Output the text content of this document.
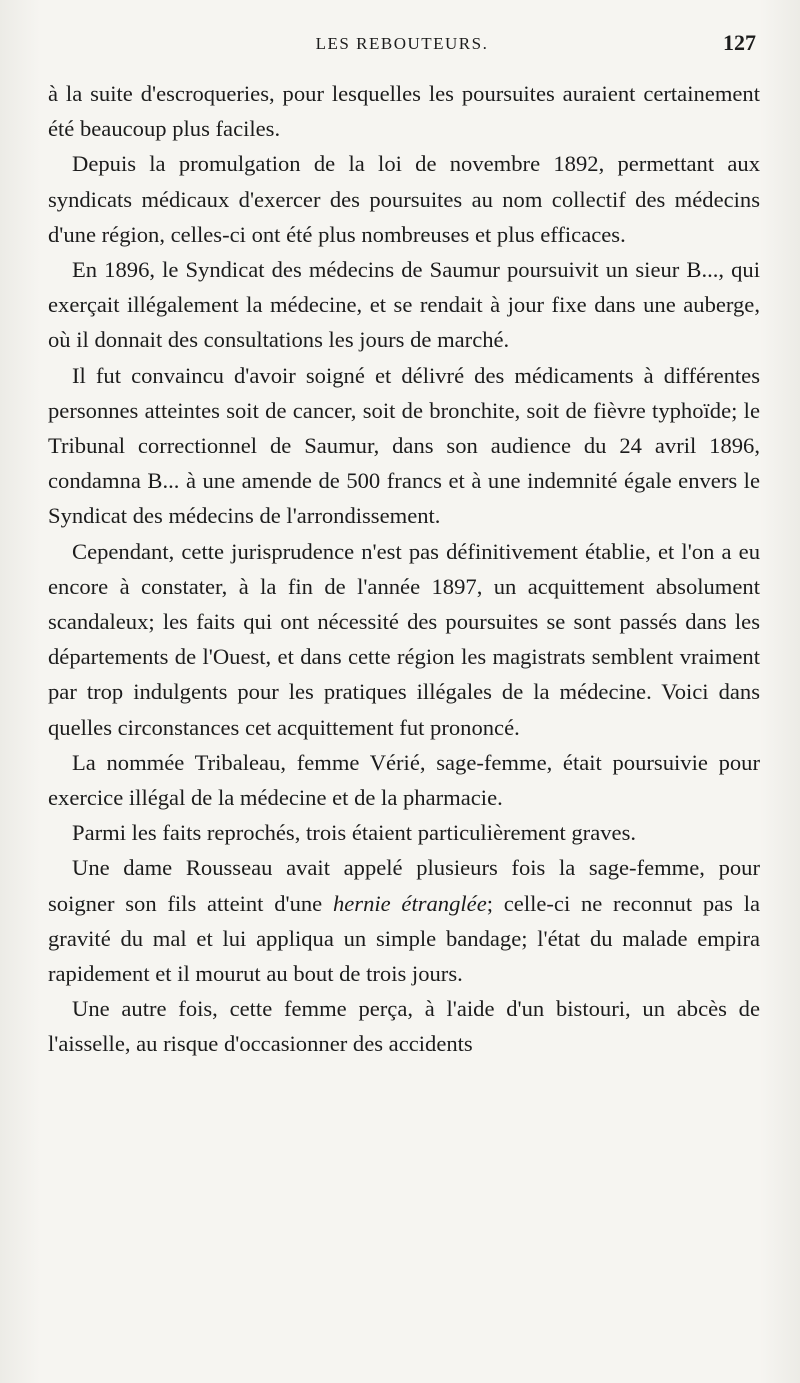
LES REBOUTEURS.	127

à la suite d'escroqueries, pour lesquelles les poursuites auraient certainement été beaucoup plus faciles.

Depuis la promulgation de la loi de novembre 1892, permettant aux syndicats médicaux d'exercer des poursuites au nom collectif des médecins d'une région, celles-ci ont été plus nombreuses et plus efficaces.

En 1896, le Syndicat des médecins de Saumur poursuivit un sieur B..., qui exerçait illégalement la médecine, et se rendait à jour fixe dans une auberge, où il donnait des consultations les jours de marché.

Il fut convaincu d'avoir soigné et délivré des médicaments à différentes personnes atteintes soit de cancer, soit de bronchite, soit de fièvre typhoïde; le Tribunal correctionnel de Saumur, dans son audience du 24 avril 1896, condamna B... à une amende de 500 francs et à une indemnité égale envers le Syndicat des médecins de l'arrondissement.

Cependant, cette jurisprudence n'est pas définitivement établie, et l'on a eu encore à constater, à la fin de l'année 1897, un acquittement absolument scandaleux; les faits qui ont nécessité des poursuites se sont passés dans les départements de l'Ouest, et dans cette région les magistrats semblent vraiment par trop indulgents pour les pratiques illégales de la médecine. Voici dans quelles circonstances cet acquittement fut prononcé.

La nommée Tribaleau, femme Vérié, sage-femme, était poursuivie pour exercice illégal de la médecine et de la pharmacie.

Parmi les faits reprochés, trois étaient particulièrement graves.

Une dame Rousseau avait appelé plusieurs fois la sage-femme, pour soigner son fils atteint d'une hernie étranglée; celle-ci ne reconnut pas la gravité du mal et lui appliqua un simple bandage; l'état du malade empira rapidement et il mourut au bout de trois jours.

Une autre fois, cette femme perça, à l'aide d'un bistouri, un abcès de l'aisselle, au risque d'occasionner des accidents
